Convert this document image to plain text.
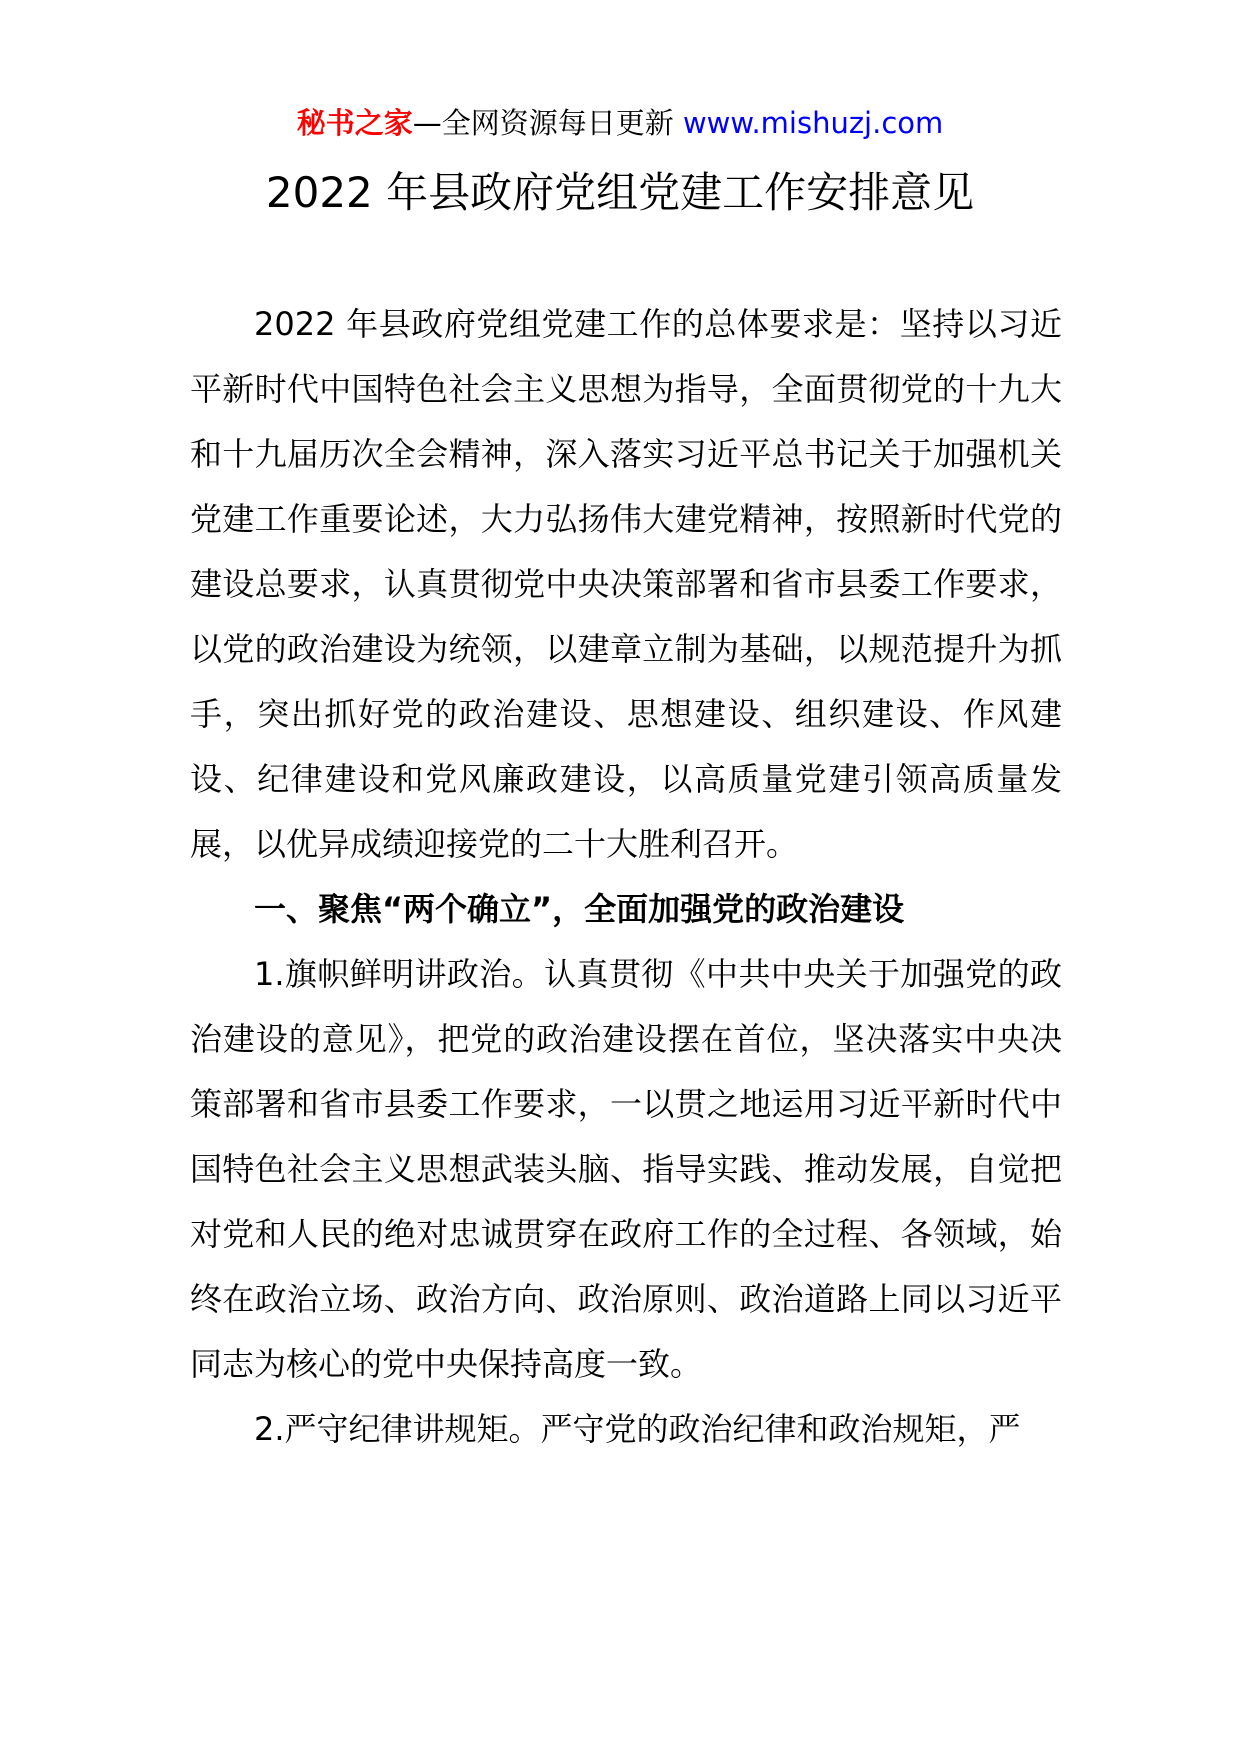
秘书之家—全网资源每日更新 www.mishuzj.com
2022 年县政府党组党建工作安排意见

2022 年县政府党组党建工作的总体要求是：坚持以习近平新时代中国特色社会主义思想为指导，全面贯彻党的十九大和十九届历次全会精神，深入落实习近平总书记关于加强机关党建工作重要论述，大力弘扬伟大建党精神，按照新时代党的建设总要求，认真贯彻党中央决策部署和省市县委工作要求，以党的政治建设为统领，以建章立制为基础，以规范提升为抓手，突出抓好党的政治建设、思想建设、组织建设、作风建设、纪律建设和党风廉政建设，以高质量党建引领高质量发展，以优异成绩迎接党的二十大胜利召开。

一、聚焦“两个确立”，全面加强党的政治建设

1.旗帜鲜明讲政治。认真贯彻《中共中央关于加强党的政治建设的意见》，把党的政治建设摆在首位，坚决落实中央决策部署和省市县委工作要求，一以贯之地运用习近平新时代中国特色社会主义思想武装头脑、指导实践、推动发展，自觉把对党和人民的绝对忠诚贯穿在政府工作的全过程、各领域，始终在政治立场、政治方向、政治原则、政治道路上同以习近平同志为核心的党中央保持高度一致。

2.严守纪律讲规矩。严守党的政治纪律和政治规矩，严
